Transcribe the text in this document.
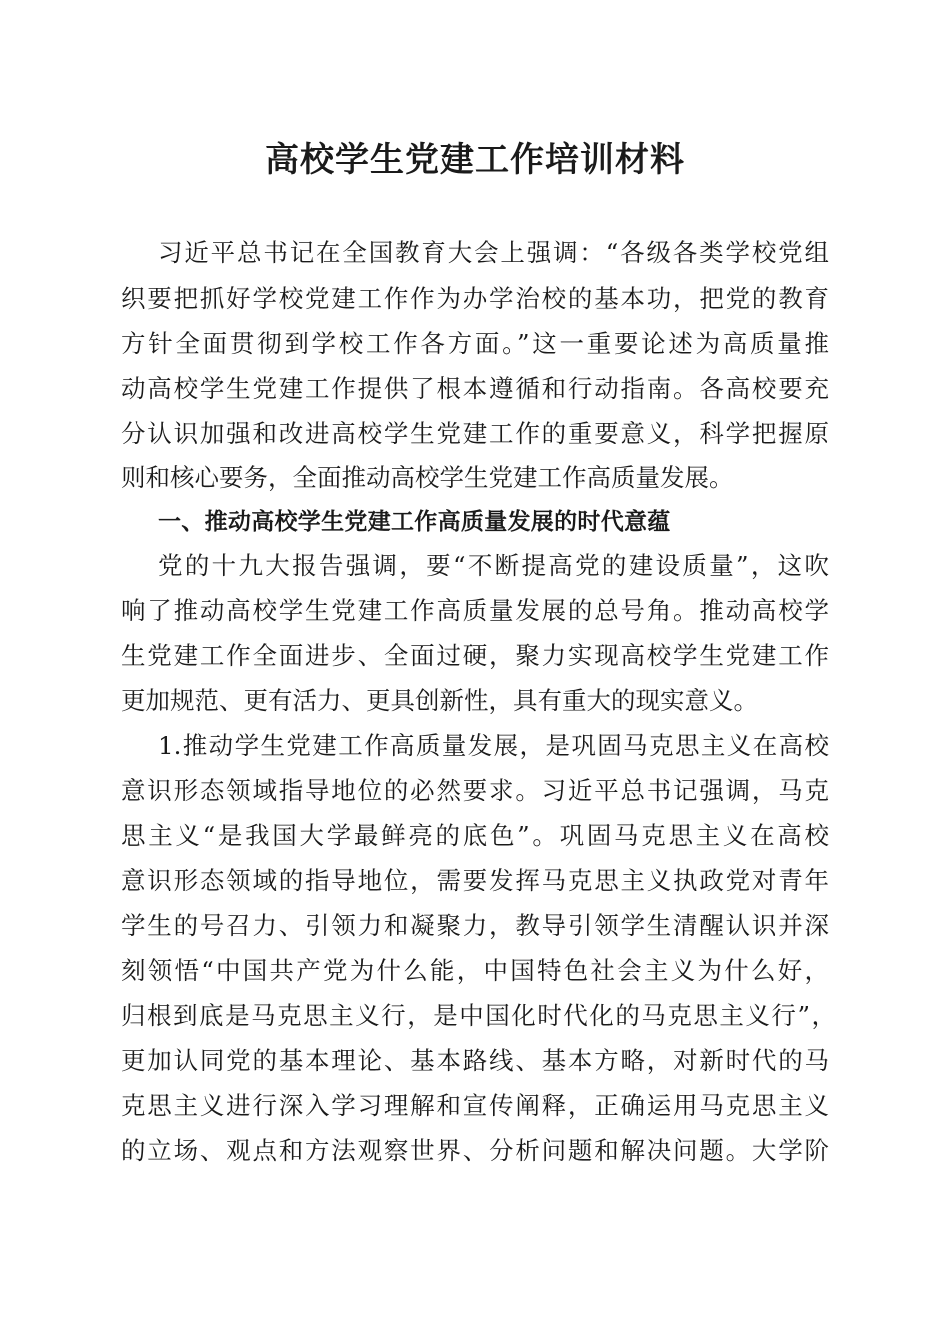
高校学生党建工作培训材料

习近平总书记在全国教育大会上强调：“各级各类学校党组

织要把抓好学校党建工作作为办学治校的基本功，把党的教育

方针全面贯彻到学校工作各方面。”这一重要论述为高质量推

动高校学生党建工作提供了根本遵循和行动指南。各高校要充

分认识加强和改进高校学生党建工作的重要意义，科学把握原

则和核心要务，全面推动高校学生党建工作高质量发展。

一、推动高校学生党建工作高质量发展的时代意蕴

党的十九大报告强调，要“不断提高党的建设质量”，这吹

响了推动高校学生党建工作高质量发展的总号角。推动高校学

生党建工作全面进步、全面过硬，聚力实现高校学生党建工作

更加规范、更有活力、更具创新性，具有重大的现实意义。

1.推动学生党建工作高质量发展，是巩固马克思主义在高校

意识形态领域指导地位的必然要求。习近平总书记强调，马克

思主义“是我国大学最鲜亮的底色”。巩固马克思主义在高校

意识形态领域的指导地位，需要发挥马克思主义执政党对青年

学生的号召力、引领力和凝聚力，教导引领学生清醒认识并深

刻领悟“中国共产党为什么能，中国特色社会主义为什么好，

归根到底是马克思主义行，是中国化时代化的马克思主义行”，

更加认同党的基本理论、基本路线、基本方略，对新时代的马

克思主义进行深入学习理解和宣传阐释，正确运用马克思主义

的立场、观点和方法观察世界、分析问题和解决问题。大学阶
